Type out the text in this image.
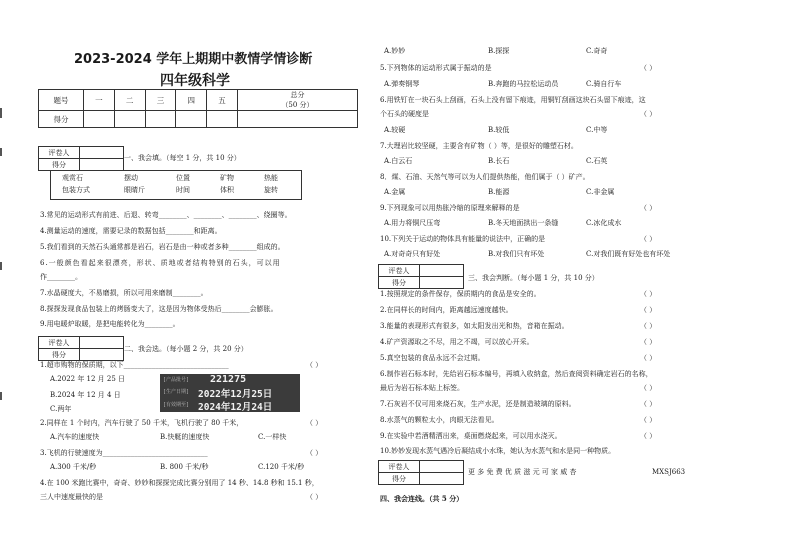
2023-2024 学年上期期中教情学情诊断
四年级科学
题号	一	二	三	四	五	总分
（50 分）
得分						
评卷人	
得分	
一、我会填。（每空 1 分，共 10 分）
观赏石	摆动	位置	矿物	热能
包装方式	眼睛斤	时间	体积	旋转
3.常见的运动形式有前进、后退、转弯________、________、________、绕圈等。
4.测量运动的速度，需要记录的数据包括________和距离。
5.我们看到的天然石头通常都是岩石，岩石是由一种或者多种________组成的。
6.一般颜色看起来很漂亮，形状、质地或者结构特别的石头，可以用
作________。
7.水晶硬度大，不易磨损，所以可用来磨制________。
8.探探发现食品包装上的烤肠变大了，这是因为物体受热后________会膨胀。
9.用电暖炉取暖，是把电能转化为________。
评卷人	
得分	
二、我会选。（每小题 2 分，共 20 分）
1.超市购物的保质期，以下______________________________	（ ）
A.2022 年 12 月 25 日
B.2024 年 12 月 4 日
C.两年
[产品批号] 221275
[生产日期] 2022年12月25日
[有效期至] 2024年12月24日
2.同样在 1 个时内，汽车行驶了 50 千米，飞机行驶了 80 千米，	（ ）
A.汽车的速度快	B.快艇的速度快	C.一样快
3.飞机的行驶速度为______________________________	（ ）
A.300 千米/秒	B. 800 千米/秒	C.120 千米/秒
4.在 100 米跑比赛中，奇奇、妙妙和探探完成比赛分别用了 14 秒、14.8 秒和 15.1 秒，
三人中速度最快的是	（ ）
A.妙妙	B.探探	C.奇奇
5.下列物体的运动形式属于振动的是	（ ）
A.弹奏钢琴	B.奔跑的马拉松运动员	C.骑自行车
6.用铁钉在一块石头上刮画，石头上没有留下痕迹，用铜钉刮画这块石头留下痕迹，这
个石头的硬度是	（ ）
A.较硬	B.较低	C.中等
7.大理岩比较坚硬，主要含有矿物（ ）等，是很好的雕塑石材。
A.白云石	B.长石	C.石英
8．煤、石油、天然气等可以为人们提供热能，他们属于（ ）矿产。
A.金属	B.能源	C.非金属
9.下列现象可以用热胀冷缩的原理来解释的是	（ ）
A.用力将铜尺压弯	B.冬天地面拱出一条缝	C.冰化成水
10.下列关于运动的物体具有能量的说法中，正确的是	（ ）
A.对奇奇只有好处	B.对我们只有坏处	C.对我们既有好处也有坏处
评卷人	
得分	
三、我会判断。（每小题 1 分，共 10 分）
1.按照规定的条件保存，保质期内的食品是安全的。	（ ）
2.在同样长的时间内，距离越远速度越快。	（ ）
3.能量的表现形式有很多，如太阳发出光和热，音箱在振动。	（ ）
4.矿产资源取之不尽，用之不竭，可以放心开采。	（ ）
5.真空包装的食品永远不会过期。	（ ）
6.制作岩石标本时，先给岩石标本编号，再填入收纳盒，然后查阅资料确定岩石的名称，
最后为岩石标本贴上标签。	（ ）
7.石灰岩不仅可用来烧石灰，生产水泥，还是制造玻璃的原料。	（ ）
8.水蒸气的颗粒太小，肉眼无法看见。	（ ）
9.在实验中若酒精洒出来，桌面燃烧起来，可以用水浇灭。	（ ）
10.妙妙发现水蒸气遇冷后凝结成小水珠，她认为水蒸气和水是同一种物质。
评卷人	
得分	
更 多 免 费 优 质 滋 元 可 家 威 杏	MXSJ663
四、我会连线。（共 5 分）
